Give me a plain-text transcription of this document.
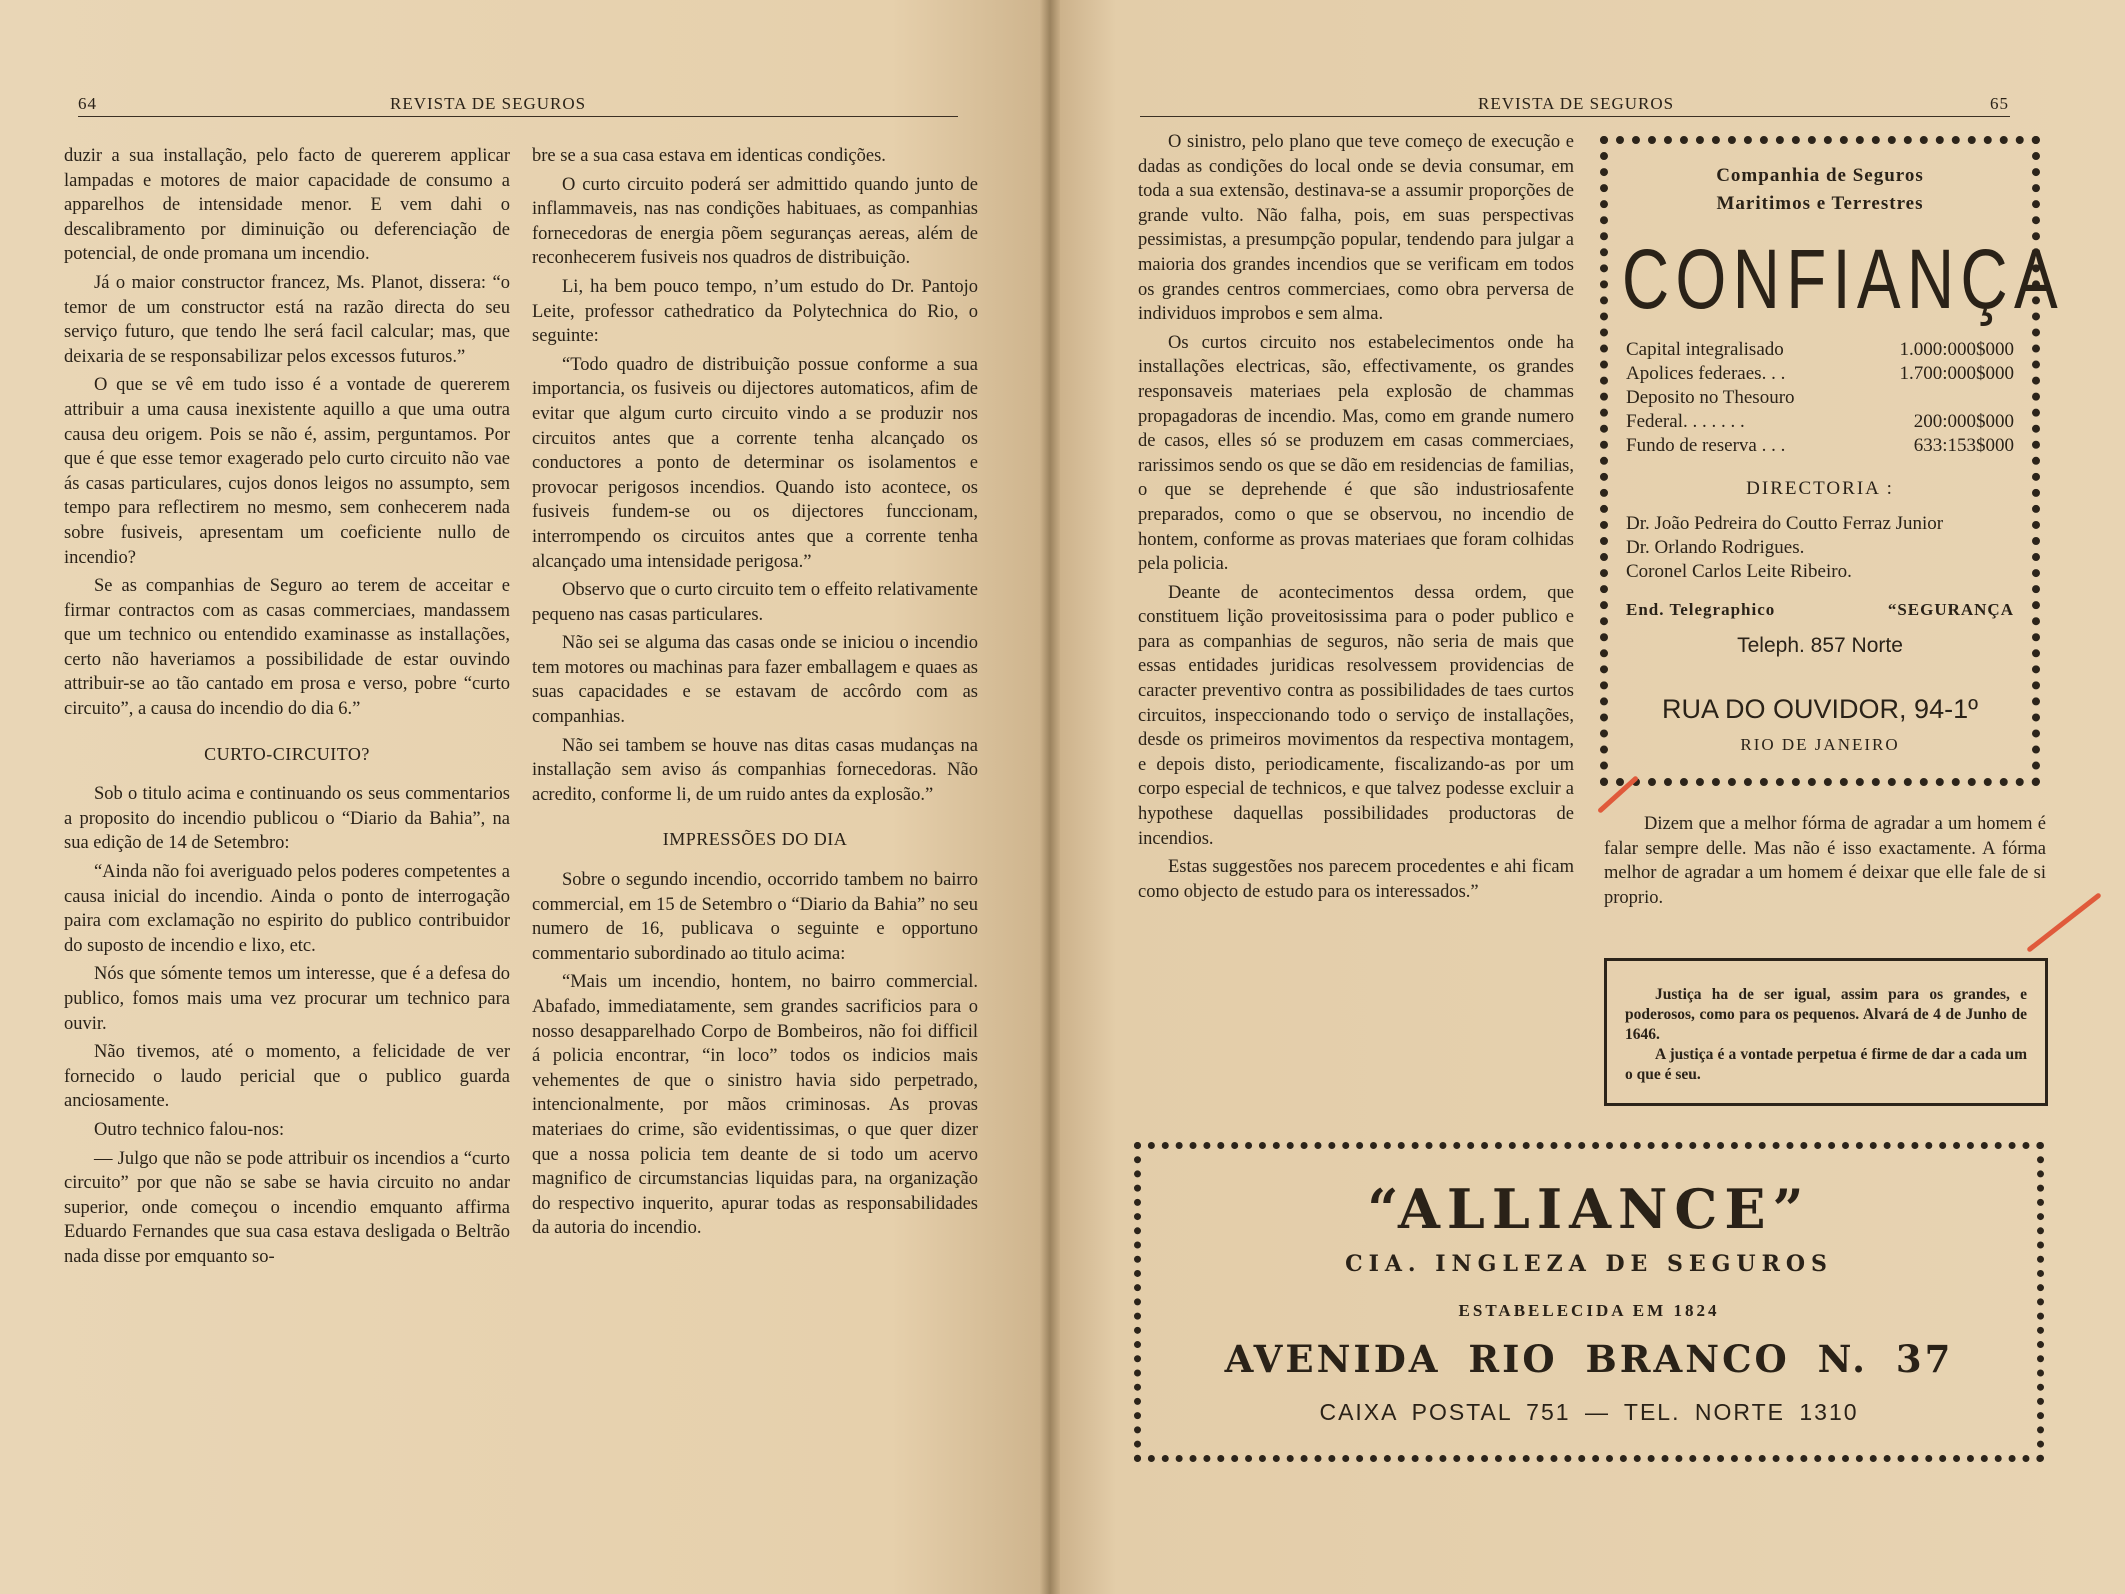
64	REVISTA DE SEGUROS	REVISTA DE SEGUROS	65

duzir a sua installação, pelo facto de quererem applicar lampadas e motores de maior capacidade de consumo a apparelhos de intensidade menor. E vem dahi o descalibramento por diminuição ou deferenciação de potencial, de onde promana um incendio.

Já o maior constructor francez, Ms. Planot, dissera: “o temor de um constructor está na razão directa do seu serviço futuro, que tendo lhe será facil calcular; mas, que deixaria de se responsabilizar pelos excessos futuros.”

O que se vê em tudo isso é a vontade de quererem attribuir a uma causa inexistente aquillo a que uma outra causa deu origem. Pois se não é, assim, perguntamos. Por que é que esse temor exagerado pelo curto circuito não vae ás casas particulares, cujos donos leigos no assumpto, sem tempo para reflectirem no mesmo, sem conhecerem nada sobre fusiveis, apresentam um coeficiente nullo de incendio?

Se as companhias de Seguro ao terem de acceitar e firmar contractos com as casas commerciaes, mandassem que um technico ou entendido examinasse as installações, certo não haveriamos a possibilidade de estar ouvindo attribuir-se ao tão cantado em prosa e verso, pobre “curto circuito”, a causa do incendio do dia 6.”

CURTO-CIRCUITO?

Sob o titulo acima e continuando os seus commentarios a proposito do incendio publicou o “Diario da Bahia”, na sua edição de 14 de Setembro:

“Ainda não foi averiguado pelos poderes competentes a causa inicial do incendio. Ainda o ponto de interrogação paira com exclamação no espirito do publico contribuidor do suposto de incendio e lixo, etc.

Nós que sómente temos um interesse, que é a defesa do publico, fomos mais uma vez procurar um technico para ouvir.

Não tivemos, até o momento, a felicidade de ver fornecido o laudo pericial que o publico guarda anciosamente.

Outro technico falou-nos:

— Julgo que não se pode attribuir os incendios a “curto circuito” por que não se sabe se havia circuito no andar superior, onde começou o incendio emquanto affirma Eduardo Fernandes que sua casa estava desligada o Beltrão nada disse por emquanto so-

bre se a sua casa estava em identicas condições.

O curto circuito poderá ser admittido quando junto de inflammaveis, nas nas condições habituaes, as companhias fornecedoras de energia põem seguranças aereas, além de reconhecerem fusiveis nos quadros de distribuição.

Li, ha bem pouco tempo, n’um estudo do Dr. Pantojo Leite, professor cathedratico da Polytechnica do Rio, o seguinte:

“Todo quadro de distribuição possue conforme a sua importancia, os fusiveis ou dijectores automaticos, afim de evitar que algum curto circuito vindo a se produzir nos circuitos antes que a corrente tenha alcançado os conductores a ponto de determinar os isolamentos e provocar perigosos incendios. Quando isto acontece, os fusiveis fundem-se ou os dijectores funccionam, interrompendo os circuitos antes que a corrente tenha alcançado uma intensidade perigosa.”

Observo que o curto circuito tem o effeito relativamente pequeno nas casas particulares.

Não sei se alguma das casas onde se iniciou o incendio tem motores ou machinas para fazer emballagem e quaes as suas capacidades e se estavam de accôrdo com as companhias.

Não sei tambem se houve nas ditas casas mudanças na installação sem aviso ás companhias fornecedoras. Não acredito, conforme li, de um ruido antes da explosão.”

IMPRESSÕES DO DIA

Sobre o segundo incendio, occorrido tambem no bairro commercial, em 15 de Setembro o “Diario da Bahia” no seu numero de 16, publicava o seguinte e opportuno commentario subordinado ao titulo acima:

“Mais um incendio, hontem, no bairro commercial. Abafado, immediatamente, sem grandes sacrificios para o nosso desapparelhado Corpo de Bombeiros, não foi difficil á policia encontrar, “in loco” todos os indicios mais vehementes de que o sinistro havia sido perpetrado, intencionalmente, por mãos criminosas. As provas materiaes do crime, são evidentissimas, o que quer dizer que a nossa policia tem deante de si todo um acervo magnifico de circumstancias liquidas para, na organização do respectivo inquerito, apurar todas as responsabilidades da autoria do incendio.

O sinistro, pelo plano que teve começo de execução e dadas as condições do local onde se devia consumar, em toda a sua extensão, destinava-se a assumir proporções de grande vulto. Não falha, pois, em suas perspectivas pessimistas, a presumpção popular, tendendo para julgar a maioria dos grandes incendios que se verificam em todos os grandes centros commerciaes, como obra perversa de individuos improbos e sem alma.

Os curtos circuito nos estabelecimentos onde ha installações electricas, são, effectivamente, os grandes responsaveis materiaes pela explosão de chammas propagadoras de incendio. Mas, como em grande numero de casos, elles só se produzem em casas commerciaes, rarissimos sendo os que se dão em residencias de familias, o que se deprehende é que são industriosafente preparados, como o que se observou, no incendio de hontem, conforme as provas materiaes que foram colhidas pela policia.

Deante de acontecimentos dessa ordem, que constituem lição proveitosissima para o poder publico e para as companhias de seguros, não seria de mais que essas entidades juridicas resolvessem providencias de caracter preventivo contra as possibilidades de taes curtos circuitos, inspeccionando todo o serviço de installações, desde os primeiros movimentos da respectiva montagem, e depois disto, periodicamente, fiscalizando-as por um corpo especial de technicos, e que talvez podesse excluir a hypothese daquellas possibilidades productoras de incendios.

Estas suggestões nos parecem procedentes e ahi ficam como objecto de estudo para os interessados.”

Companhia de Seguros
Maritimos e Terrestres
CONFIANÇA
Capital integralisado	1.000:000$000
Apolices federaes. . .	1.700:000$000
Deposito no Thesouro
Federal. . . . . . .	200:000$000
Fundo de reserva . . .	633:153$000
DIRECTORIA :
Dr. João Pedreira do Coutto Ferraz Junior
Dr. Orlando Rodrigues.
Coronel Carlos Leite Ribeiro.
End. Telegraphico	“SEGURANÇA
Teleph. 857 Norte
RUA DO OUVIDOR, 94-1º
RIO DE JANEIRO

Dizem que a melhor fórma de agradar a um homem é falar sempre delle. Mas não é isso exactamente. A fórma melhor de agradar a um homem é deixar que elle fale de si proprio.

Justiça ha de ser igual, assim para os grandes, e poderosos, como para os pequenos. Alvará de 4 de Junho de 1646.
A justiça é a vontade perpetua é firme de dar a cada um o que é seu.
“ALLIANCE”
CIA. INGLEZA DE SEGUROS
ESTABELECIDA EM 1824
AVENIDA RIO BRANCO N. 37
CAIXA POSTAL 751 — TEL. NORTE 1310
